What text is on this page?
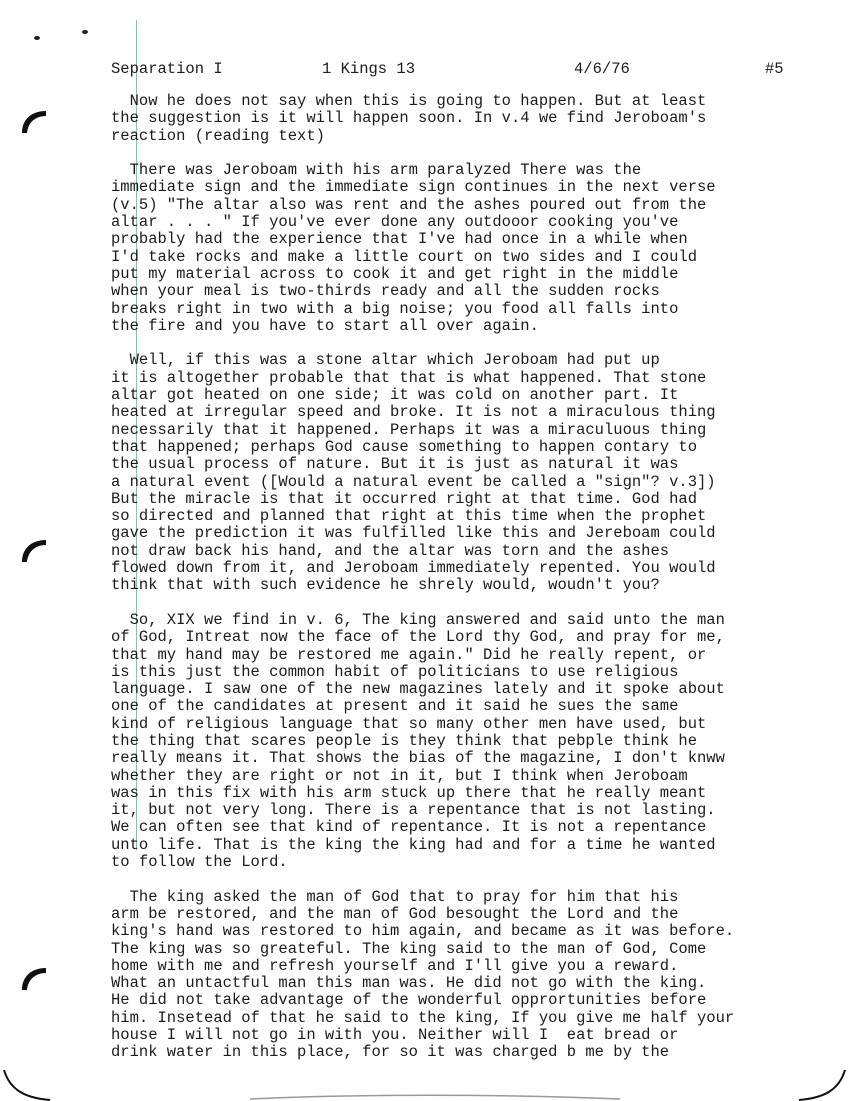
Separation I

	1 Kings 13

	4/6/76

	#5

Now he does not say when this is going to happen. But at least
the suggestion is it will happen soon. In v.4 we find Jeroboam's
reaction (reading text)
There was Jeroboam with his arm paralyzed There was the
immediate sign and the immediate sign continues in the next verse
(v.5) "The altar also was rent and the ashes poured out from the
altar . . . " If you've ever done any outdooor cooking you've
probably had the experience that I've had once in a while when
I'd take rocks and make a little court on two sides and I could
put my material across to cook it and get right in the middle
when your meal is two-thirds ready and all the sudden rocks
breaks right in two with a big noise; you food all falls into
the fire and you have to start all over again.
Well, if this was a stone altar which Jeroboam had put up
it is altogether probable that that is what happened. That stone
altar got heated on one side; it was cold on another part. It
heated at irregular speed and broke. It is not a miraculous thing
necessarily that it happened. Perhaps it was a miraculuous thing
that happened; perhaps God cause something to happen contary to
the usual process of nature. But it is just as natural it was
a natural event ([Would a natural event be called a "sign"? v.3])
But the miracle is that it occurred right at that time. God had
so directed and planned that right at this time when the prophet
gave the prediction it was fulfilled like this and Jereboam could
not draw back his hand, and the altar was torn and the ashes
flowed down from it, and Jeroboam immediately repented. You would
think that with such evidence he shrely would, woudn't you?
So, XIX we find in v. 6, The king answered and said unto the man
of God, Intreat now the face of the Lord thy God, and pray for me,
that my hand may be restored me again." Did he really repent, or
is this just the common habit of politicians to use religious
language. I saw one of the new magazines lately and it spoke about
one of the candidates at present and it said he sues the same
kind of religious language that so many other men have used, but
the thing that scares people is they think that pebple think he
really means it. That shows the bias of the magazine, I don't knww
whether they are right or not in it, but I think when Jeroboam
was in this fix with his arm stuck up there that he really meant
it, but not very long. There is a repentance that is not lasting.
We can often see that kind of repentance. It is not a repentance
unto life. That is the king the king had and for a time he wanted
to follow the Lord.
The king asked the man of God that to pray for him that his
arm be restored, and the man of God besought the Lord and the
king's hand was restored to him again, and became as it was before.
The king was so greateful. The king said to the man of God, Come
home with me and refresh yourself and I'll give you a reward.
What an untactful man this man was. He did not go with the king.
He did not take advantage of the wonderful opprortunities before
him. Insetead of that he said to the king, If you give me half your
house I will not go in with you. Neither will I  eat bread or
drink water in this place, for so it was charged b me by the
